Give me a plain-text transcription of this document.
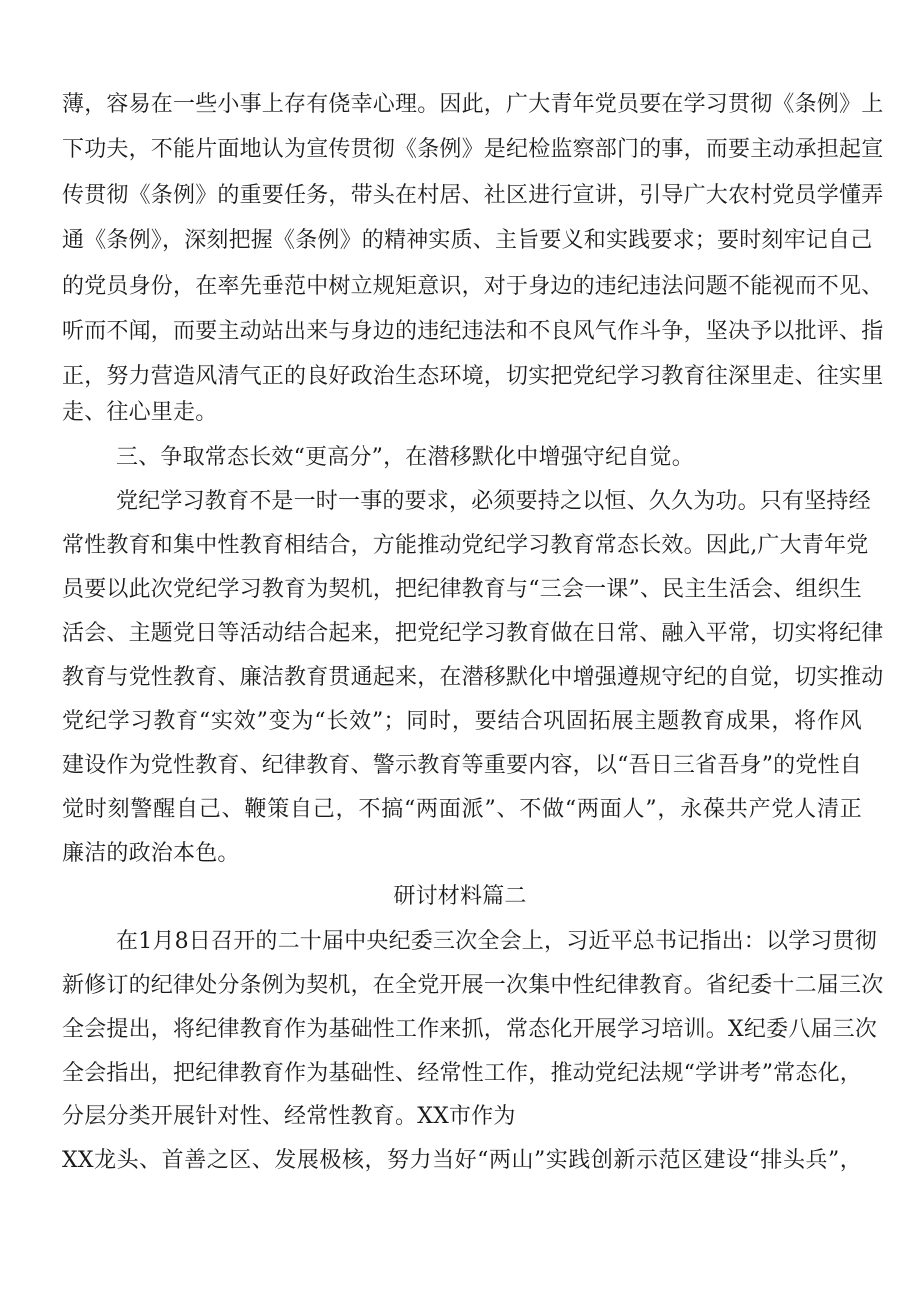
薄，容易在一些小事上存有侥幸心理。因此，广大青年党员要在学习贯彻《条例》上
下功夫，不能片面地认为宣传贯彻《条例》是纪检监察部门的事，而要主动承担起宣
传贯彻《条例》的重要任务，带头在村居、社区进行宣讲，引导广大农村党员学懂弄
通《条例》，深刻把握《条例》的精神实质、主旨要义和实践要求；要时刻牢记自己
的党员身份，在率先垂范中树立规矩意识，对于身边的违纪违法问题不能视而不见、
听而不闻，而要主动站出来与身边的违纪违法和不良风气作斗争，坚决予以批评、指
正，努力营造风清气正的良好政治生态环境，切实把党纪学习教育往深里走、往实里
走、往心里走。
三、争取常态长效“更高分”，在潜移默化中增强守纪自觉。
党纪学习教育不是一时一事的要求，必须要持之以恒、久久为功。只有坚持经
常性教育和集中性教育相结合，方能推动党纪学习教育常态长效。因此,广大青年党
员要以此次党纪学习教育为契机，把纪律教育与“三会一课”、民主生活会、组织生
活会、主题党日等活动结合起来，把党纪学习教育做在日常、融入平常，切实将纪律
教育与党性教育、廉洁教育贯通起来，在潜移默化中增强遵规守纪的自觉，切实推动
党纪学习教育“实效”变为“长效”；同时，要结合巩固拓展主题教育成果，将作风
建设作为党性教育、纪律教育、警示教育等重要内容，以“吾日三省吾身”的党性自
觉时刻警醒自己、鞭策自己，不搞“两面派”、不做“两面人”，永葆共产党人清正
廉洁的政治本色。
研讨材料篇二
在1月8日召开的二十届中央纪委三次全会上，习近平总书记指出：以学习贯彻
新修订的纪律处分条例为契机，在全党开展一次集中性纪律教育。省纪委十二届三次
全会提出，将纪律教育作为基础性工作来抓，常态化开展学习培训。X纪委八届三次
全会指出，把纪律教育作为基础性、经常性工作，推动党纪法规“学讲考”常态化，
分层分类开展针对性、经常性教育。XX市作为
XX龙头、首善之区、发展极核，努力当好“两山”实践创新示范区建设“排头兵”，
